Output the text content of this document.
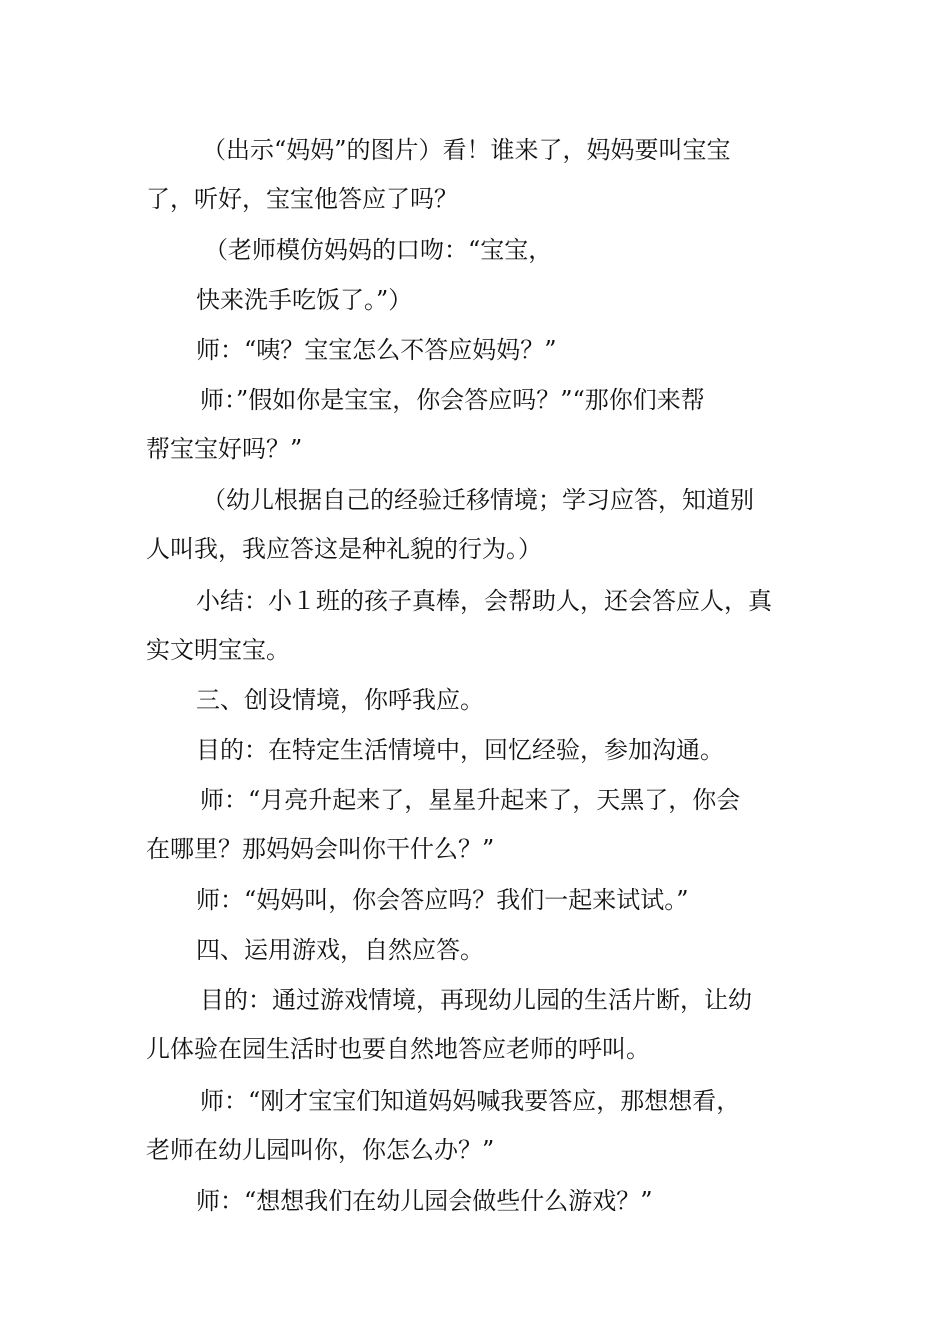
（出示“妈妈”的图片）看！谁来了，妈妈要叫宝宝
了，听好，宝宝他答应了吗？
（老师模仿妈妈的口吻：“宝宝，
快来洗手吃饭了。”）
师：“咦？宝宝怎么不答应妈妈？”
师：”假如你是宝宝，你会答应吗？”“那你们来帮
帮宝宝好吗？”
（幼儿根据自己的经验迁移情境；学习应答，知道别
人叫我，我应答这是种礼貌的行为。）
小结：小１班的孩子真棒，会帮助人，还会答应人，真
实文明宝宝。
三、创设情境，你呼我应。
目的：在特定生活情境中，回忆经验，参加沟通。
师：“月亮升起来了，星星升起来了，天黑了，你会
在哪里？那妈妈会叫你干什么？”
师：“妈妈叫，你会答应吗？我们一起来试试。”
四、运用游戏，自然应答。
目的：通过游戏情境，再现幼儿园的生活片断，让幼
儿体验在园生活时也要自然地答应老师的呼叫。
师：“刚才宝宝们知道妈妈喊我要答应，那想想看，
老师在幼儿园叫你，你怎么办？”
师：“想想我们在幼儿园会做些什么游戏？”
